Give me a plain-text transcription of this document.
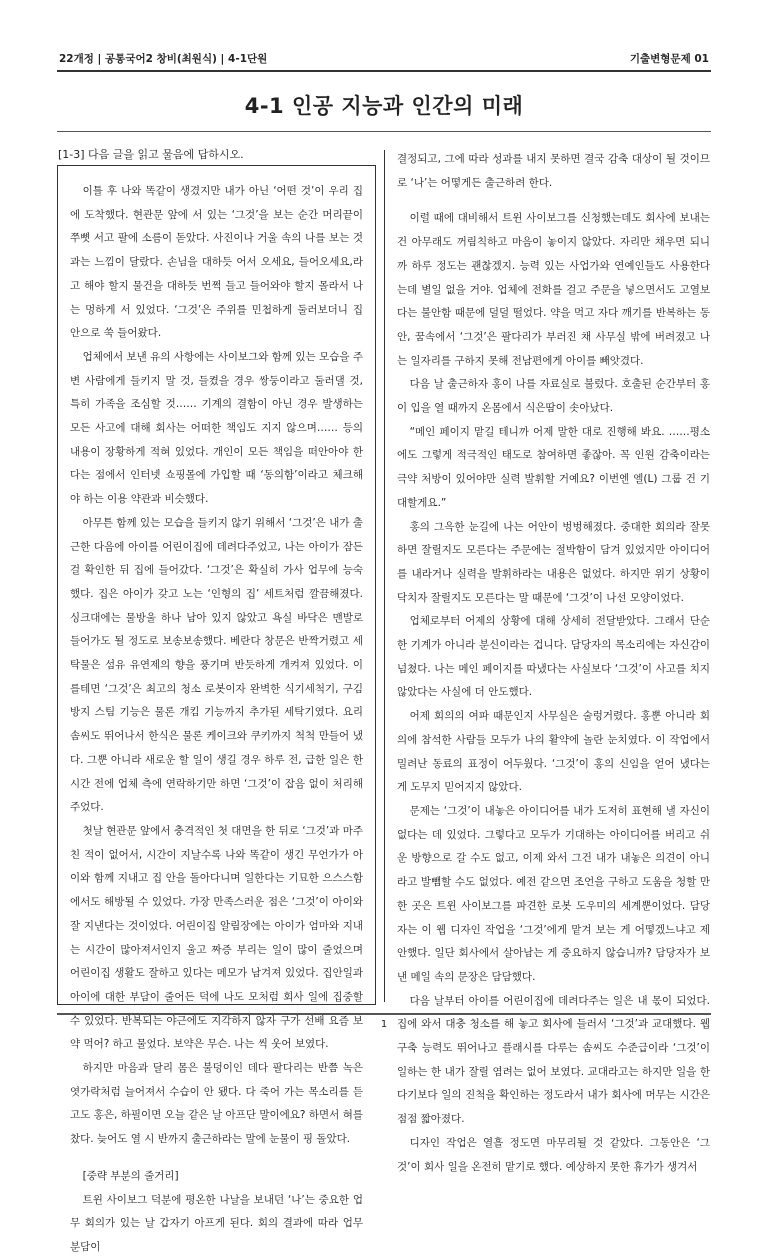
22개정 | 공통국어2 창비(최원식) | 4-1단원	기출변형문제 01
4-1 인공 지능과 인간의 미래
[1-3] 다음 글을 읽고 물음에 답하시오.

이틀 후 나와 똑같이 생겼지만 내가 아닌 ‘어떤 것’이 우리 집에 도착했다. 현관문 앞에 서 있는 ‘그것’을 보는 순간 머리끝이 쭈뼛 서고 팔에 소름이 돋았다. 사진이나 거울 속의 나를 보는 것과는 느낌이 달랐다. 손님을 대하듯 어서 오세요, 들어오세요,라고 해야 할지 물건을 대하듯 번쩍 들고 들어와야 할지 몰라서 나는 멍하게 서 있었다. ‘그것’은 주위를 민첩하게 둘러보더니 집 안으로 쑥 들어왔다.

업체에서 보낸 유의 사항에는 사이보그와 함께 있는 모습을 주변 사람에게 들키지 말 것, 들켰을 경우 쌍둥이라고 둘러댈 것, 특히 가족을 조심할 것…… 기계의 결함이 아닌 경우 발생하는 모든 사고에 대해 회사는 어떠한 책임도 지지 않으며…… 등의 내용이 장황하게 적혀 있었다. 개인이 모든 책임을 떠안아야 한다는 점에서 인터넷 쇼핑몰에 가입할 때 ‘동의함’이라고 체크해야 하는 이용 약관과 비슷했다.

아무튼 함께 있는 모습을 들키지 않기 위해서 ‘그것’은 내가 출근한 다음에 아이를 어린이집에 데려다주었고, 나는 아이가 잠든 걸 확인한 뒤 집에 들어갔다. ‘그것’은 확실히 가사 업무에 능숙했다. 집은 아이가 갖고 노는 ‘인형의 집’ 세트처럼 깔끔해졌다. 싱크대에는 물방울 하나 남아 있지 않았고 욕실 바닥은 맨발로 들어가도 될 정도로 보송보송했다. 베란다 창문은 반짝거렸고 세탁물은 섬유 유연제의 향을 풍기며 반듯하게 개켜져 있었다. 이를테면 ‘그것’은 최고의 청소 로봇이자 완벽한 식기세척기, 구김 방지 스팀 기능은 물론 개킴 기능까지 추가된 세탁기였다. 요리 솜씨도 뛰어나서 한식은 물론 케이크와 쿠키까지 척척 만들어 냈다. 그뿐 아니라 새로운 할 일이 생길 경우 하루 전, 급한 일은 한 시간 전에 업체 측에 연락하기만 하면 ‘그것’이 잡음 없이 처리해 주었다.

첫날 현관문 앞에서 충격적인 첫 대면을 한 뒤로 ‘그것’과 마주친 적이 없어서, 시간이 지날수록 나와 똑같이 생긴 무언가가 아이와 함께 지내고 집 안을 돌아다니며 일한다는 기묘한 으스스함에서도 해방될 수 있었다. 가장 만족스러운 점은 ‘그것’이 아이와 잘 지낸다는 것이었다. 어린이집 알림장에는 아이가 엄마와 지내는 시간이 많아져서인지 울고 짜증 부리는 일이 많이 줄었으며 어린이집 생활도 잘하고 있다는 메모가 남겨져 있었다. 집안일과 아이에 대한 부담이 줄어든 덕에 나도 모처럼 회사 일에 집중할 수 있었다. 반복되는 야근에도 지각하지 않자 구가 선배 요즘 보약 먹어? 하고 물었다. 보약은 무슨. 나는 씩 웃어 보였다.

하지만 마음과 달리 몸은 불덩이인 데다 팔다리는 반쯤 녹은 엿가락처럼 늘어져서 수습이 안 됐다. 다 죽어 가는 목소리를 듣고도 홍은, 하필이면 오늘 같은 날 아프단 말이에요? 하면서 혀를 찼다. 늦어도 열 시 반까지 출근하라는 말에 눈물이 핑 돌았다.

[중략 부분의 줄거리]

트윈 사이보그 덕분에 평온한 나날을 보내던 ‘나’는 중요한 업무 회의가 있는 날 갑자기 아프게 된다. 회의 결과에 따라 업무 분담이

결정되고, 그에 따라 성과를 내지 못하면 결국 감축 대상이 될 것이므로 ‘나’는 어떻게든 출근하려 한다.

이럴 때에 대비해서 트윈 사이보그를 신청했는데도 회사에 보내는 건 아무래도 꺼림칙하고 마음이 놓이지 않았다. 자리만 채우면 되니까 하루 정도는 괜찮겠지. 능력 있는 사업가와 연예인들도 사용한다는데 별일 없을 거야. 업체에 전화를 걸고 주문을 넣으면서도 고열보다는 불안함 때문에 덜덜 떨었다. 약을 먹고 자다 깨기를 반복하는 동안, 꿈속에서 ‘그것’은 팔다리가 부러진 채 사무실 밖에 버려졌고 나는 일자리를 구하지 못해 전남편에게 아이를 빼앗겼다.

다음 날 출근하자 홍이 나를 자료실로 불렀다. 호출된 순간부터 홍이 입을 열 때까지 온몸에서 식은땀이 솟아났다.

“메인 페이지 맡길 테니까 어제 말한 대로 진행해 봐요. ……평소에도 그렇게 적극적인 태도로 참여하면 좋잖아. 꼭 인원 감축이라는 극약 처방이 있어야만 실력 발휘할 거예요? 이번엔 엘(L) 그룹 건 기대할게요.”

홍의 그윽한 눈길에 나는 어안이 벙벙해졌다. 중대한 회의라 잘못하면 잘릴지도 모른다는 주문에는 절박함이 담겨 있었지만 아이디어를 내라거나 실력을 발휘하라는 내용은 없었다. 하지만 위기 상황이 닥치자 잘릴지도 모른다는 말 때문에 ‘그것’이 나선 모양이었다.

업체로부터 어제의 상황에 대해 상세히 전달받았다. 그래서 단순한 기계가 아니라 분신이라는 겁니다. 담당자의 목소리에는 자신감이 넘쳤다. 나는 메인 페이지를 따냈다는 사실보다 ‘그것’이 사고를 치지 않았다는 사실에 더 안도했다.

어제 회의의 여파 때문인지 사무실은 술렁거렸다. 홍뿐 아니라 회의에 참석한 사람들 모두가 나의 활약에 놀란 눈치였다. 이 작업에서 밀려난 동료의 표정이 어두웠다. ‘그것’이 홍의 신임을 얻어 냈다는 게 도무지 믿어지지 않았다.

문제는 ‘그것’이 내놓은 아이디어를 내가 도저히 표현해 낼 자신이 없다는 데 있었다. 그렇다고 모두가 기대하는 아이디어를 버리고 쉬운 방향으로 갈 수도 없고, 이제 와서 그건 내가 내놓은 의견이 아니라고 발뺌할 수도 없었다. 예전 같으면 조언을 구하고 도움을 청할 만한 곳은 트윈 사이보그를 파견한 로봇 도우미의 세계뿐이었다. 담당자는 이 웹 디자인 작업을 ‘그것’에게 맡겨 보는 게 어떻겠느냐고 제안했다. 일단 회사에서 살아남는 게 중요하지 않습니까? 담당자가 보낸 메일 속의 문장은 담담했다.

다음 날부터 아이를 어린이집에 데려다주는 일은 내 몫이 되었다. 집에 와서 대충 청소를 해 놓고 회사에 들러서 ‘그것’과 교대했다. 웹 구축 능력도 뛰어나고 플래시를 다루는 솜씨도 수준급이라 ‘그것’이 일하는 한 내가 잘릴 염려는 없어 보였다. 교대라고는 하지만 일을 한다기보다 일의 진척을 확인하는 정도라서 내가 회사에 머무는 시간은 점점 짧아졌다.

디자인 작업은 열흘 정도면 마무리될 것 같았다. 그동안은 ‘그것’이 회사 일을 온전히 맡기로 했다. 예상하지 못한 휴가가 생겨서

1
